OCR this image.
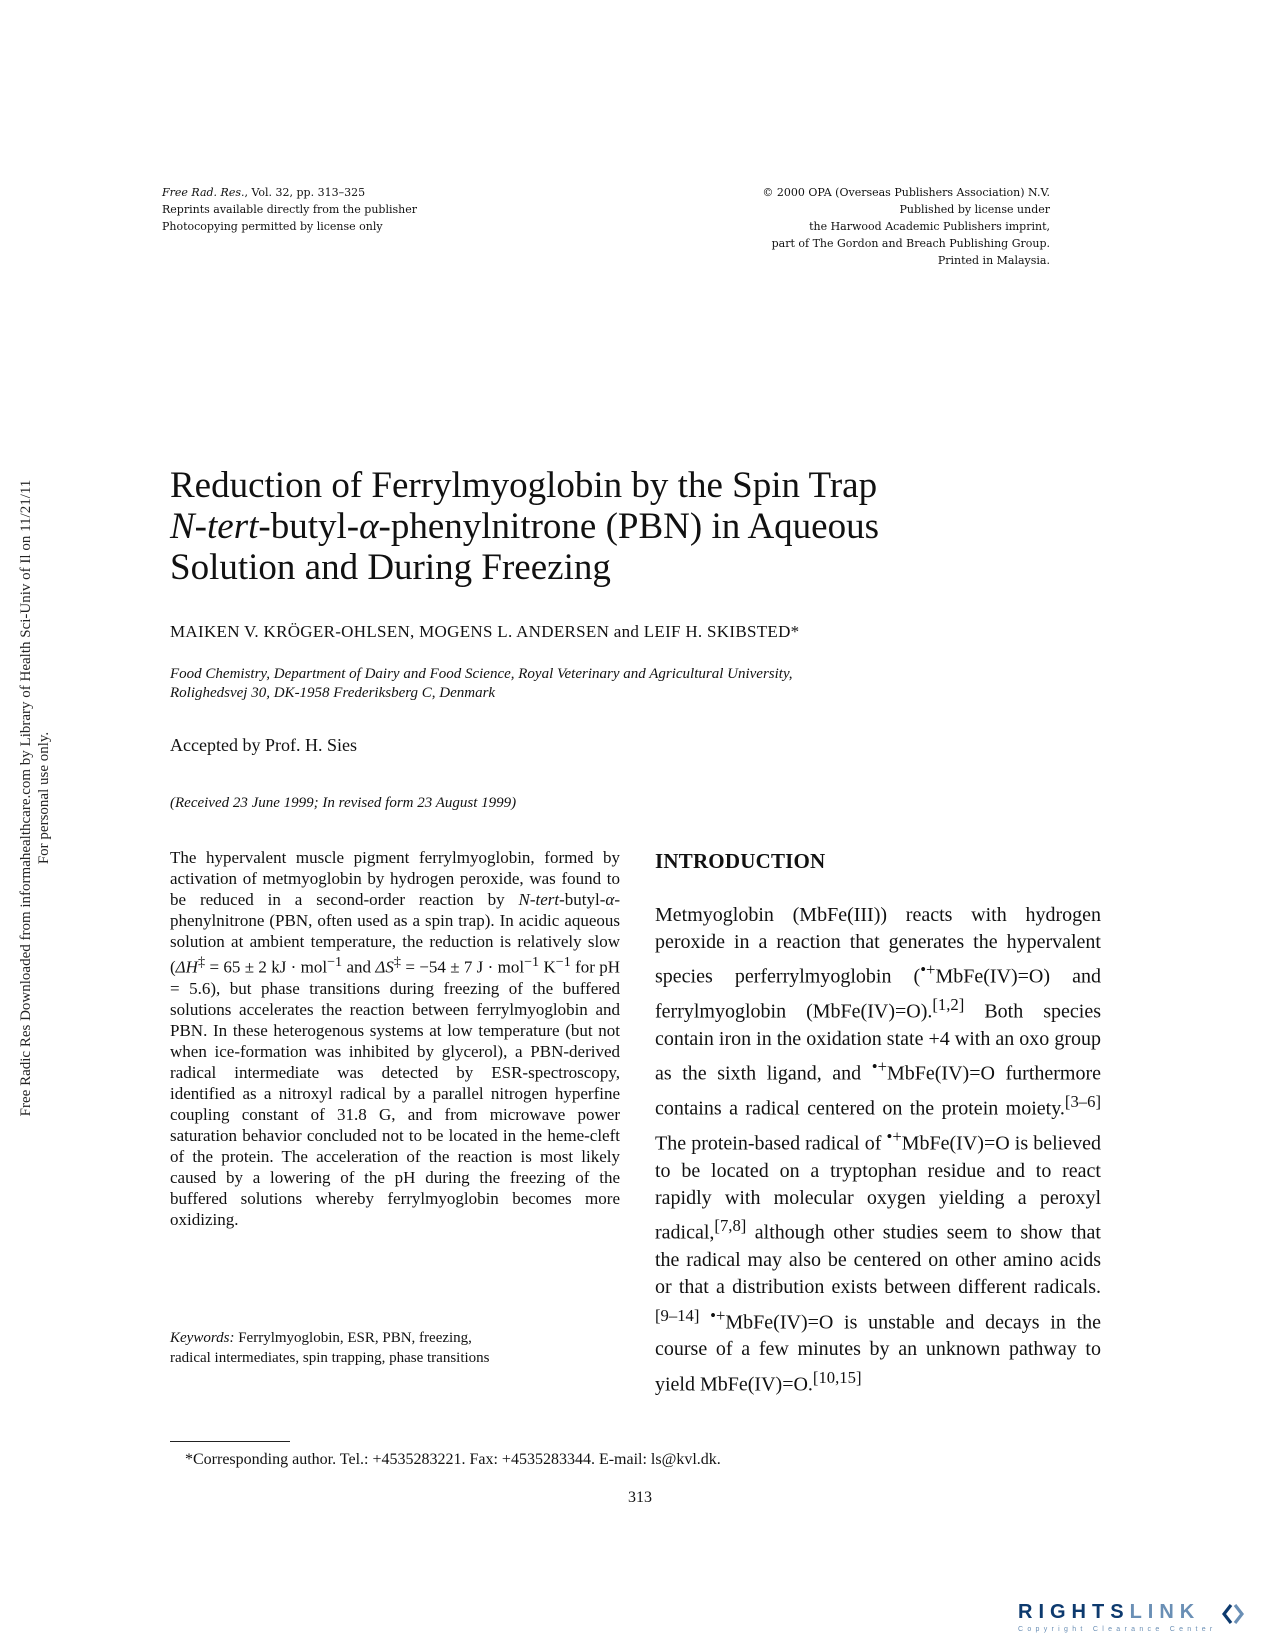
Free Radic Res Downloaded from informahealthcare.com by Library of Health Sci-Univ of Il on 11/21/11 For personal use only.
Free Rad. Res., Vol. 32, pp. 313–325
Reprints available directly from the publisher
Photocopying permitted by license only
© 2000 OPA (Overseas Publishers Association) N.V.
Published by license under
the Harwood Academic Publishers imprint,
part of The Gordon and Breach Publishing Group.
Printed in Malaysia.
Reduction of Ferrylmyoglobin by the Spin Trap
N-tert-butyl-α-phenylnitrone (PBN) in Aqueous
Solution and During Freezing
MAIKEN V. KRÖGER-OHLSEN, MOGENS L. ANDERSEN and LEIF H. SKIBSTED*
Food Chemistry, Department of Dairy and Food Science, Royal Veterinary and Agricultural University,
Rolighedsvej 30, DK-1958 Frederiksberg C, Denmark
Accepted by Prof. H. Sies
(Received 23 June 1999; In revised form 23 August 1999)

The hypervalent muscle pigment ferrylmyoglobin, formed by activation of metmyoglobin by hydrogen peroxide, was found to be reduced in a second-order reaction by N-tert-butyl-α-phenylnitrone (PBN, often used as a spin trap). In acidic aqueous solution at ambient temperature, the reduction is relatively slow (ΔH‡ = 65 ± 2 kJ · mol$^{-1}$ and ΔS‡ = −54 ± 7 J · mol$^{-1}$ $K^{-1}$ for pH = 5.6), but phase transitions during freezing of the buffered solutions accelerates the reaction between ferrylmyoglobin and PBN. In these heterogenous systems at low temperature (but not when ice-formation was inhibited by glycerol), a PBN-derived radical intermediate was detected by ESR-spectroscopy, identified as a nitroxyl radical by a parallel nitrogen hyperfine coupling constant of 31.8 G, and from microwave power saturation behavior concluded not to be located in the heme-cleft of the protein. The acceleration of the reaction is most likely caused by a lowering of the pH during the freezing of the buffered solutions whereby ferrylmyoglobin becomes more oxidizing.

Keywords: Ferrylmyoglobin, ESR, PBN, freezing,
radical intermediates, spin trapping, phase transitions
INTRODUCTION

Metmyoglobin (MbFe(III)) reacts with hydrogen peroxide in a reaction that generates the hypervalent species perferrylmyoglobin (•+MbFe(IV)=O) and ferrylmyoglobin (MbFe(IV)=O).[1,2] Both species contain iron in the oxidation state +4 with an oxo group as the sixth ligand, and •+MbFe(IV)=O furthermore contains a radical centered on the protein moiety.[3–6] The protein-based radical of •+MbFe(IV)=O is believed to be located on a tryptophan residue and to react rapidly with molecular oxygen yielding a peroxyl radical,[7,8] although other studies seem to show that the radical may also be centered on other amino acids or that a distribution exists between different radicals.[9–14] •+MbFe(IV)=O is unstable and decays in the course of a few minutes by an unknown pathway to yield MbFe(IV)=O.[10,15]

*Corresponding author. Tel.: +4535283221. Fax: +4535283344. E-mail: ls@kvl.dk.
313
RIGHTSLINK
Copyright Clearance Center
